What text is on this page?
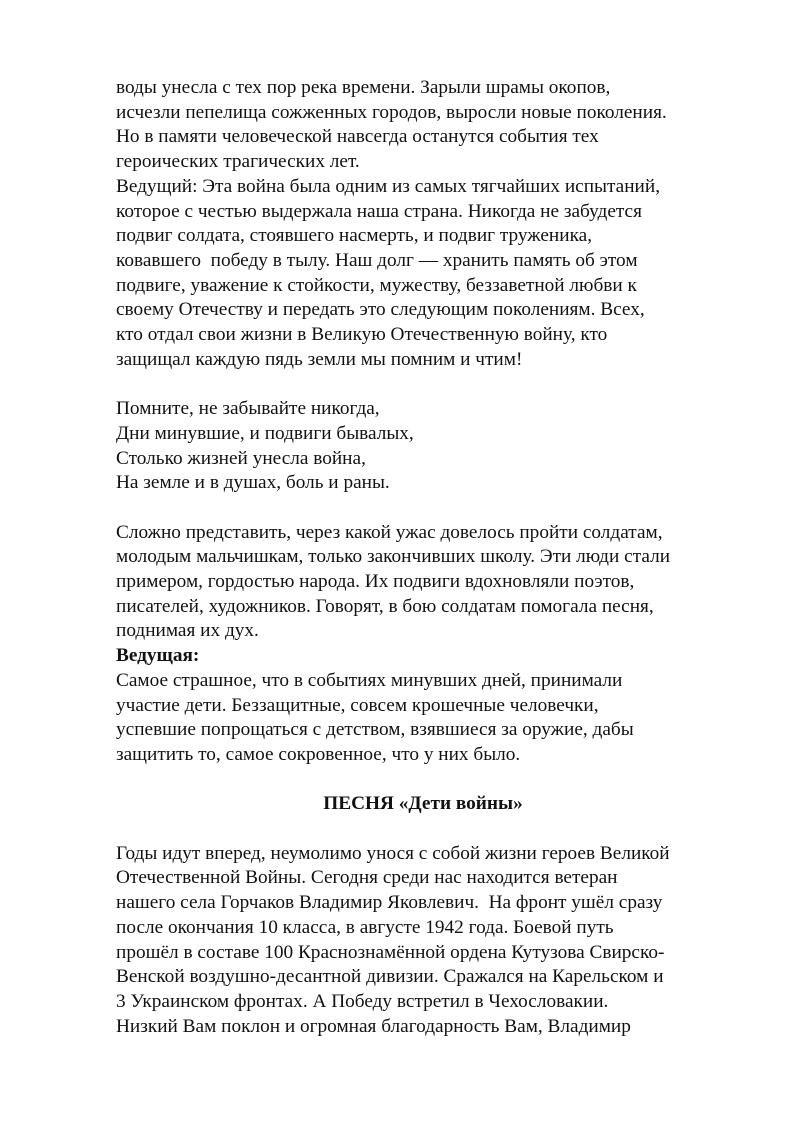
воды унесла с тех пор река времени. Зарыли шрамы окопов,
исчезли пепелища сожженных городов, выросли новые поколения.
Но в памяти человеческой навсегда останутся события тех
героических трагических лет.
Ведущий: Эта война была одним из самых тягчайших испытаний,
которое с честью выдержала наша страна. Никогда не забудется
подвиг солдата, стоявшего насмерть, и подвиг труженика,
ковавшего  победу в тылу. Наш долг — хранить память об этом
подвиге, уважение к стойкости, мужеству, беззаветной любви к
своему Отечеству и передать это следующим поколениям. Всех,
кто отдал свои жизни в Великую Отечественную войну, кто
защищал каждую пядь земли мы помним и чтим!
Помните, не забывайте никогда,
Дни минувшие, и подвиги бывалых,
Столько жизней унесла война,
На земле и в душах, боль и раны.
Сложно представить, через какой ужас довелось пройти солдатам,
молодым мальчишкам, только закончивших школу. Эти люди стали
примером, гордостью народа. Их подвиги вдохновляли поэтов,
писателей, художников. Говорят, в бою солдатам помогала песня,
поднимая их дух.
Ведущая:
Самое страшное, что в событиях минувших дней, принимали
участие дети. Беззащитные, совсем крошечные человечки,
успевшие попрощаться с детством, взявшиеся за оружие, дабы
защитить то, самое сокровенное, что у них было.
ПЕСНЯ «Дети войны»
Годы идут вперед, неумолимо унося с собой жизни героев Великой
Отечественной Войны. Сегодня среди нас находится ветеран
нашего села Горчаков Владимир Яковлевич.  На фронт ушёл сразу
после окончания 10 класса, в августе 1942 года. Боевой путь
прошёл в составе 100 Краснознамённой ордена Кутузова Свирско-
Венской воздушно-десантной дивизии. Сражался на Карельском и
3 Украинском фронтах. А Победу встретил в Чехословакии.
Низкий Вам поклон и огромная благодарность Вам, Владимир
